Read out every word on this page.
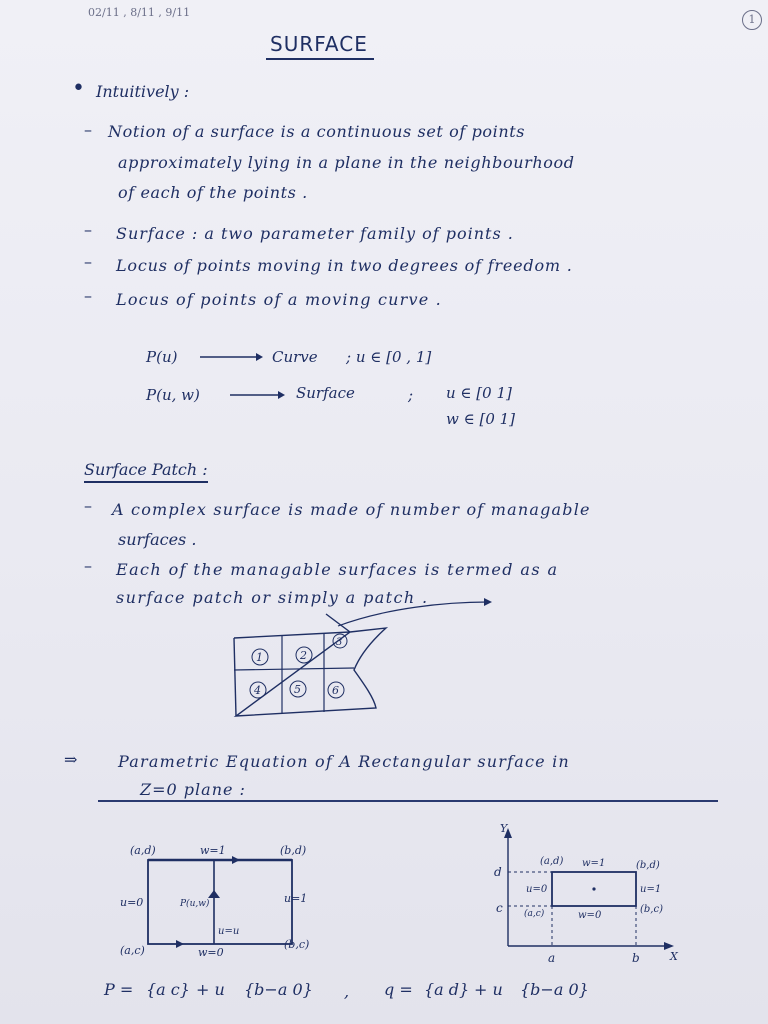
02/11 , 8/11 , 9/11
1
SURFACE
• Intuitively :
– Notion of a surface is a continuous set of points
approximately lying in a plane in the neighbourhood
of each of the points .
– Surface : a two parameter family of points .
– Locus of points moving in two degrees of freedom .
– Locus of points of a moving curve .
P(u)	Curve ; u ∈ [0 , 1]
P(u, w)	Surface	; u ∈ [0 1]
w ∈ [0 1]
Surface Patch :
– A complex surface is made of number of managable
surfaces .
– Each of the managable surfaces is termed as a
surface patch or simply a patch .
1	2
3
4	5	6
⇒	Parametric Equation of A Rectangular surface in
Z=0 plane :
(a,d)	(b,d)
(a,c)	(b,c)
w=1
w=0
u=0	u=1
P(u,w)
u=u
Y
X
d
c
a	b
(a,d)	(b,d)
(a,c)	(b,c)
w=1
w=0
u=0	u=1
P = {a c} + u {b−a 0} , q = {a d} + u {b−a 0}
